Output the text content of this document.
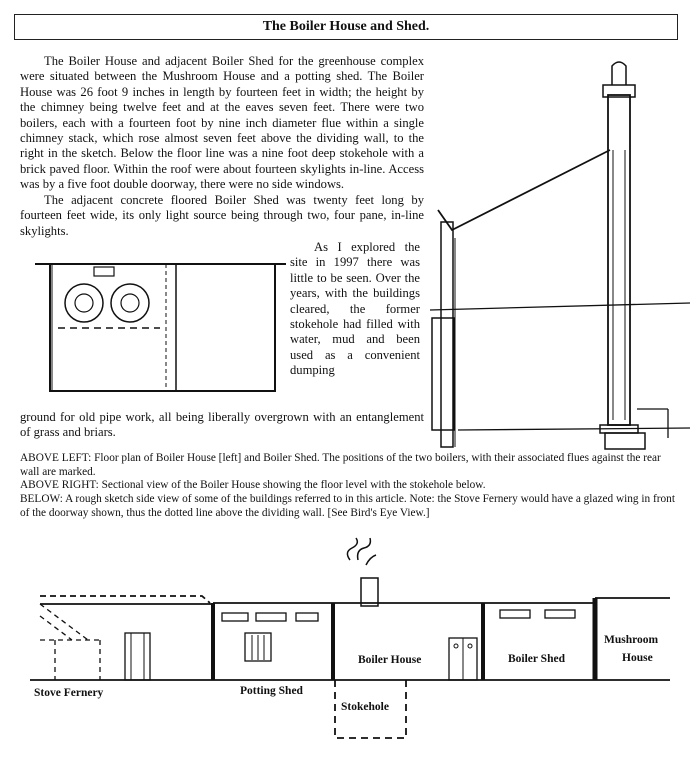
The Boiler House and Shed.
The Boiler House and adjacent Boiler Shed for the greenhouse complex were situated between the Mushroom House and a potting shed. The Boiler House was 26 foot 9 inches in length by fourteen feet in width; the height by the chimney being twelve feet and at the eaves seven feet. There were two boilers, each with a fourteen foot by nine inch diameter flue within a single chimney stack, which rose almost seven feet above the dividing wall, to the right in the sketch. Below the floor line was a nine foot deep stokehole with a brick paved floor. Within the roof were about fourteen skylights in-line. Access was by a five foot double doorway, there were no side windows.
The adjacent concrete floored Boiler Shed was twenty feet long by fourteen feet wide, its only light source being through two, four pane, in-line skylights.
As I explored the site in 1997 there was little to be seen. Over the years, with the buildings cleared, the former stokehole had filled with water, mud and been used as a convenient dumping
ground for old pipe work, all being liberally overgrown with an entanglement of grass and briars.
ABOVE LEFT: Floor plan of Boiler House [left] and Boiler Shed. The positions of the two boilers, with their associated flues against the rear wall are marked.
ABOVE RIGHT: Sectional view of the Boiler House showing the floor level with the stokehole below.
BELOW: A rough sketch side view of some of the buildings referred to in this article. Note: the Stove Fernery would have a glazed wing in front of the doorway shown, thus the dotted line above the dividing wall. [See Bird's Eye View.]
Stove Fernery	Potting Shed
Boiler House
Stokehole
Boiler Shed
Mushroom
House
